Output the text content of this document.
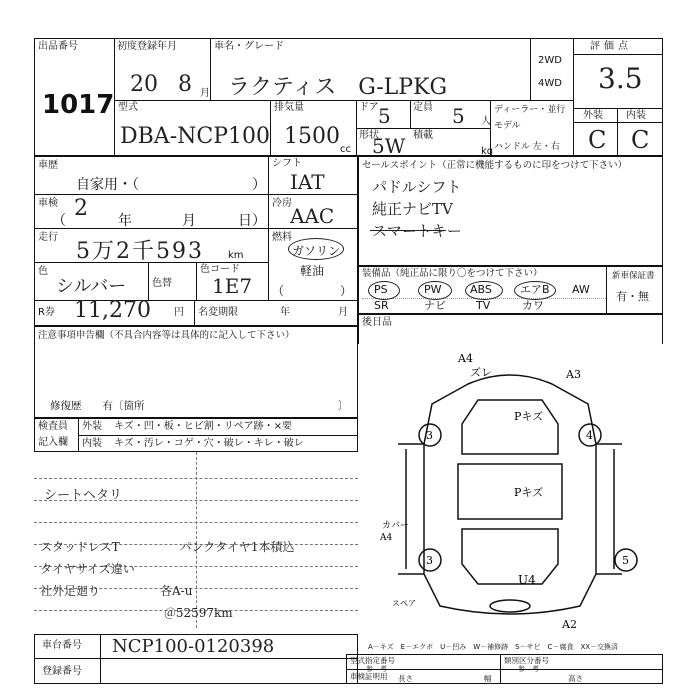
出品番号
1017
初度登録年月
20 8 月
車名・グレード
ラクティス　G-LPKG
2WD
4WD
評価点
3.5
外装 内装
C C
型式
DBA-NCP100
排気量
1500
cc
ドア 5 定員 5 人
形状
5W 積載
kg
ディーラー・並行
モデル
ハンドル 左・右
車歴
自家用・（	）
シフト
IAT
車検
（ 2 年	月	日）
冷房
AAC
走行
5万2千593 km
燃料
ガソリン
軽油
（	）
色
シルバー	色替
色コード
1E7
R券 11,270 円 名変期限	年	月
セールスポイント（正常に機能するものに印をつけて下さい）
パドルシフト
純正ナビTV
スマートキー
装備品（純正品に限り〇をつけて下さい）	新車保証書
有・無
PS	PW	ABS	エアB AW
SR	ナビ	TV	カワ
後日品
注意事項申告欄（不具合内容等は具体的に記入して下さい）
修復歴　　有〔箇所	〕
検査員
記入欄
外装 キズ・凹・板・ヒビ割・リペア跡・×要
内装 キズ・汚レ・コゲ・穴・破レ・キレ・破レ
シートヘタリ
スタッドレスT　　　　　パンクタイヤ1本積込
タイヤサイズ違い
社外足廻り　　　　　各A-u
　　　　　　　　　　 ＠52597km
A4
ズレ	A3
Pキズ
Pキズ
3	4
3	5
カバー
A4
U4
A2
スペア
A－キズ　E－エクボ　U－凹み　W－補修跡　S－サビ　C－腐食　XX－交換済
車台番号 NCP100-0120398
登録番号
型式指定番号
参　考
類別区分番号
参　考
車検証明用 長さ	幅	高さ
